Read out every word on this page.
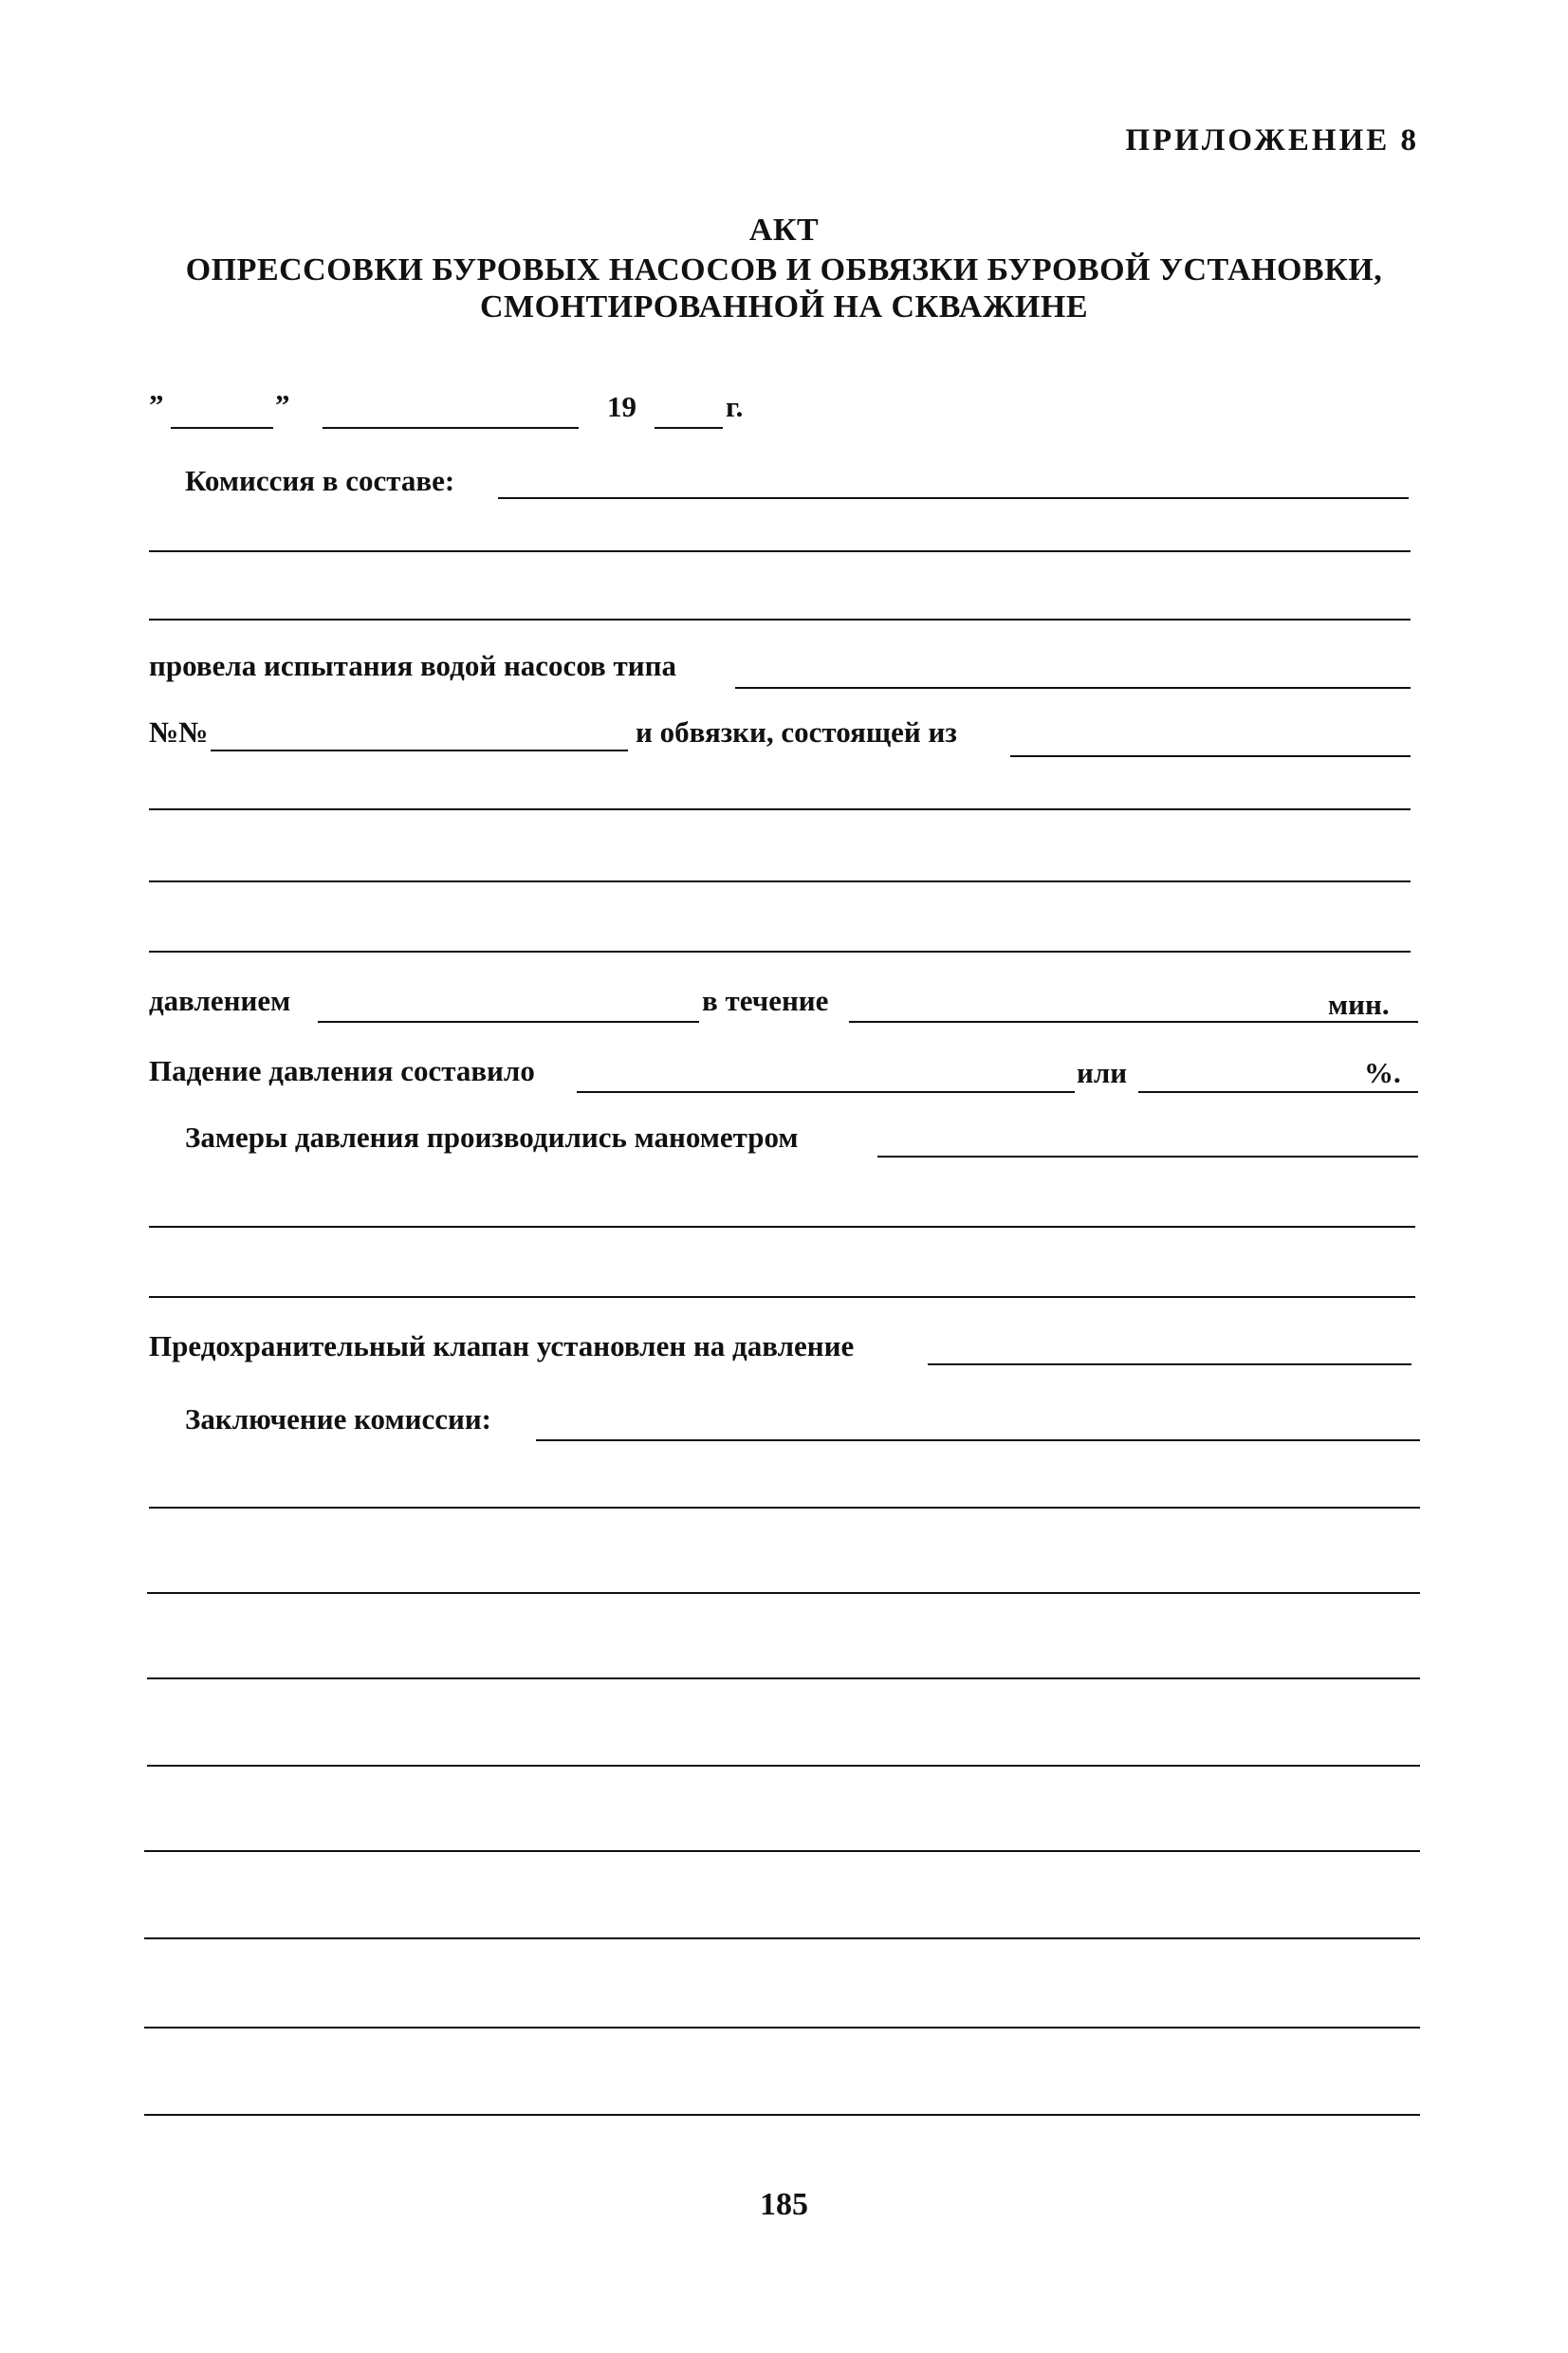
ПРИЛОЖЕНИЕ 8
АКТ
ОПРЕССОВКИ БУРОВЫХ НАСОСОВ И ОБВЯЗКИ БУРОВОЙ УСТАНОВКИ,
СМОНТИРОВАННОЙ НА СКВАЖИНЕ
”	”	19	г.
Комиссия в составе:
провела испытания водой насосов типа
№№	и обвязки, состоящей из
давлением	в течение	мин.
Падение давления составило	или	%.
Замеры давления производились манометром
Предохранительный клапан установлен на давление
Заключение комиссии:
185
